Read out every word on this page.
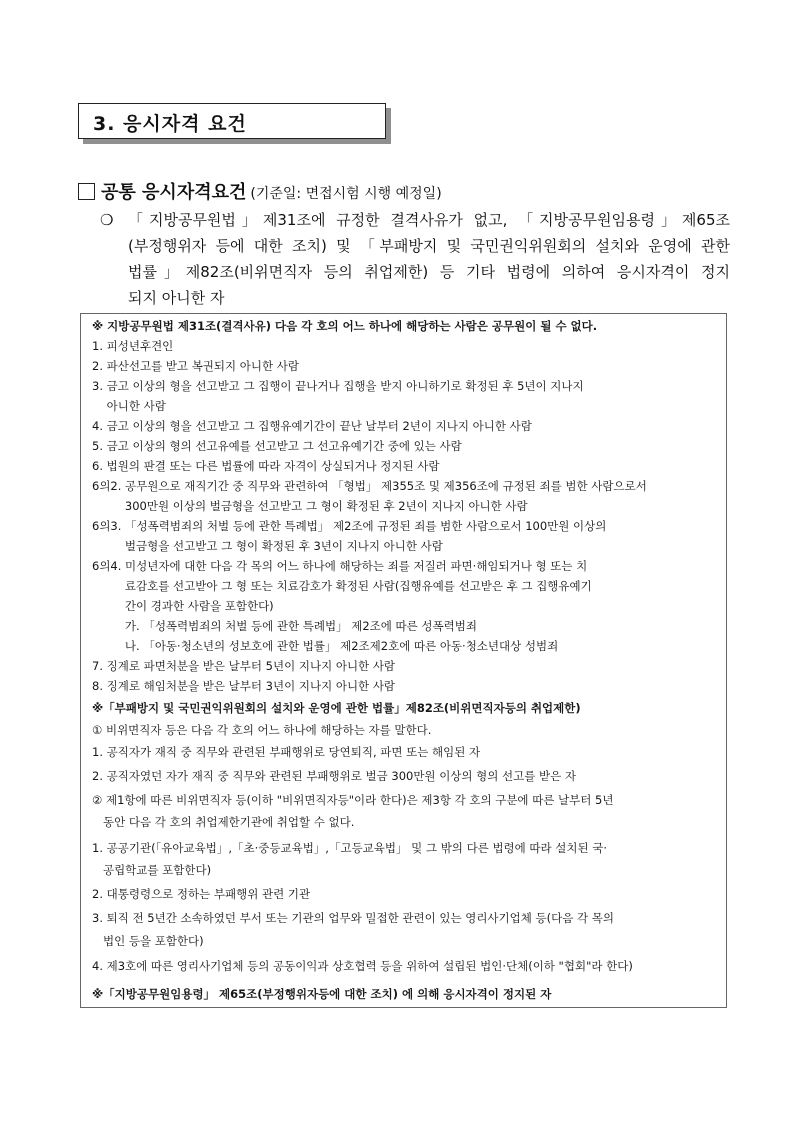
3. 응시자격 요건
공통 응시자격요건 (기준일: 면접시험 시행 예정일)
❍ 「지방공무원법」제31조에 규정한 결격사유가 없고, 「지방공무원임용령」제65조
(부정행위자 등에 대한 조치) 및 「부패방지 및 국민권익위원회의 설치와 운영에 관한
법률」제82조(비위면직자 등의 취업제한) 등 기타 법령에 의하여 응시자격이 정지
되지 아니한 자
※ 지방공무원법 제31조(결격사유) 다음 각 호의 어느 하나에 해당하는 사람은 공무원이 될 수 없다.
1. 피성년후견인
2. 파산선고를 받고 복권되지 아니한 사람
3. 금고 이상의 형을 선고받고 그 집행이 끝나거나 집행을 받지 아니하기로 확정된 후 5년이 지나지
아니한 사람
4. 금고 이상의 형을 선고받고 그 집행유예기간이 끝난 날부터 2년이 지나지 아니한 사람
5. 금고 이상의 형의 선고유예를 선고받고 그 선고유예기간 중에 있는 사람
6. 법원의 판결 또는 다른 법률에 따라 자격이 상실되거나 정지된 사람
6의2. 공무원으로 재직기간 중 직무와 관련하여 「형법」 제355조 및 제356조에 규정된 죄를 범한 사람으로서
300만원 이상의 벌금형을 선고받고 그 형이 확정된 후 2년이 지나지 아니한 사람
6의3. 「성폭력범죄의 처벌 등에 관한 특례법」 제2조에 규정된 죄를 범한 사람으로서 100만원 이상의
벌금형을 선고받고 그 형이 확정된 후 3년이 지나지 아니한 사람
6의4. 미성년자에 대한 다음 각 목의 어느 하나에 해당하는 죄를 저질러 파면·해임되거나 형 또는 치
료감호를 선고받아 그 형 또는 치료감호가 확정된 사람(집행유예를 선고받은 후 그 집행유예기
간이 경과한 사람을 포함한다)
가. 「성폭력범죄의 처벌 등에 관한 특례법」 제2조에 따른 성폭력범죄
나. 「아동·청소년의 성보호에 관한 법률」 제2조제2호에 따른 아동·청소년대상 성범죄
7. 징계로 파면처분을 받은 날부터 5년이 지나지 아니한 사람
8. 징계로 해임처분을 받은 날부터 3년이 지나지 아니한 사람
※「부패방지 및 국민권익위원회의 설치와 운영에 관한 법률」제82조(비위면직자등의 취업제한)
① 비위면직자 등은 다음 각 호의 어느 하나에 해당하는 자를 말한다.
1. 공직자가 재직 중 직무와 관련된 부패행위로 당연퇴직, 파면 또는 해임된 자
2. 공직자였던 자가 재직 중 직무와 관련된 부패행위로 벌금 300만원 이상의 형의 선고를 받은 자
② 제1항에 따른 비위면직자 등(이하 "비위면직자등"이라 한다)은 제3항 각 호의 구분에 따른 날부터 5년
동안 다음 각 호의 취업제한기관에 취업할 수 없다.
1. 공공기관(「유아교육법」,「초·중등교육법」,「고등교육법」 및 그 밖의 다른 법령에 따라 설치된 국·
공립학교를 포함한다)
2. 대통령령으로 정하는 부패행위 관련 기관
3. 퇴직 전 5년간 소속하였던 부서 또는 기관의 업무와 밀접한 관련이 있는 영리사기업체 등(다음 각 목의
법인 등을 포함한다)
4. 제3호에 따른 영리사기업체 등의 공동이익과 상호협력 등을 위하여 설립된 법인·단체(이하 "협회"라 한다)
※「지방공무원임용령」 제65조(부정행위자등에 대한 조치) 에 의해 응시자격이 정지된 자
